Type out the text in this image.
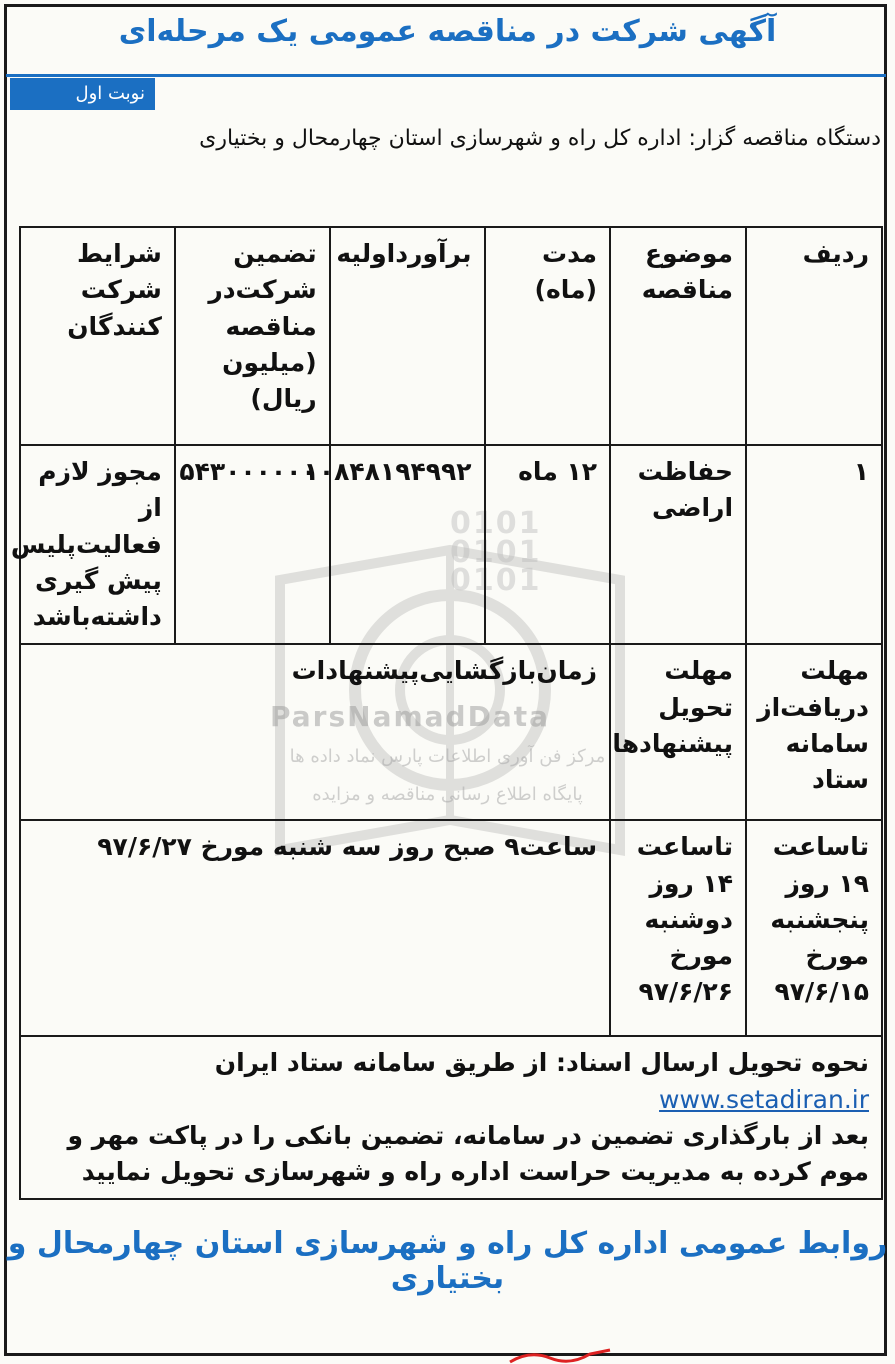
آگهی شرکت در مناقصه عمومی یک مرحله‌ای
نوبت اول
دستگاه مناقصه گزار: اداره کل راه و شهرسازی استان چهارمحال و بختیاری
0101
0101
0101
ParsNamadData
مرکز فن آوری اطلاعات پارس نماد داده ها
پایگاه اطلاع رسانی مناقصه و مزایده
ردیف	موضوع مناقصه	مدت (ماه)	برآورداولیه	تضمین شرکت‌در مناقصه (میلیون ریال)	شرایط شرکت کنندگان
۱	حفاظت اراضی	۱۲ ماه	۱۰۸۴۸۱۹۴۹۹۲	۵۴۳۰۰۰۰۰۰	مجوز لازم از فعالیت‌پلیس پیش گیری داشته‌باشد
مهلت دریافت‌از سامانه ستاد	مهلت تحویل پیشنهادها	زمان‌بازگشایی‌پیشنهادات			
تاساعت ۱۹ روز پنجشنبه مورخ ۹۷/۶/۱۵	تاساعت ۱۴ روز دوشنبه مورخ ۹۷/۶/۲۶	ساعت۹ صبح روز سه شنبه مورخ ۹۷/۶/۲۷			
نحوه تحویل ارسال اسناد: از طریق سامانه ستاد ایران www.setadiran.ir
بعد از بارگذاری تضمین در سامانه، تضمین بانکی را در پاکت مهر و موم کرده به مدیریت حراست اداره راه و شهرسازی تحویل نمایید					
روابط عمومی اداره کل راه و شهرسازی استان چهارمحال و بختیاری
